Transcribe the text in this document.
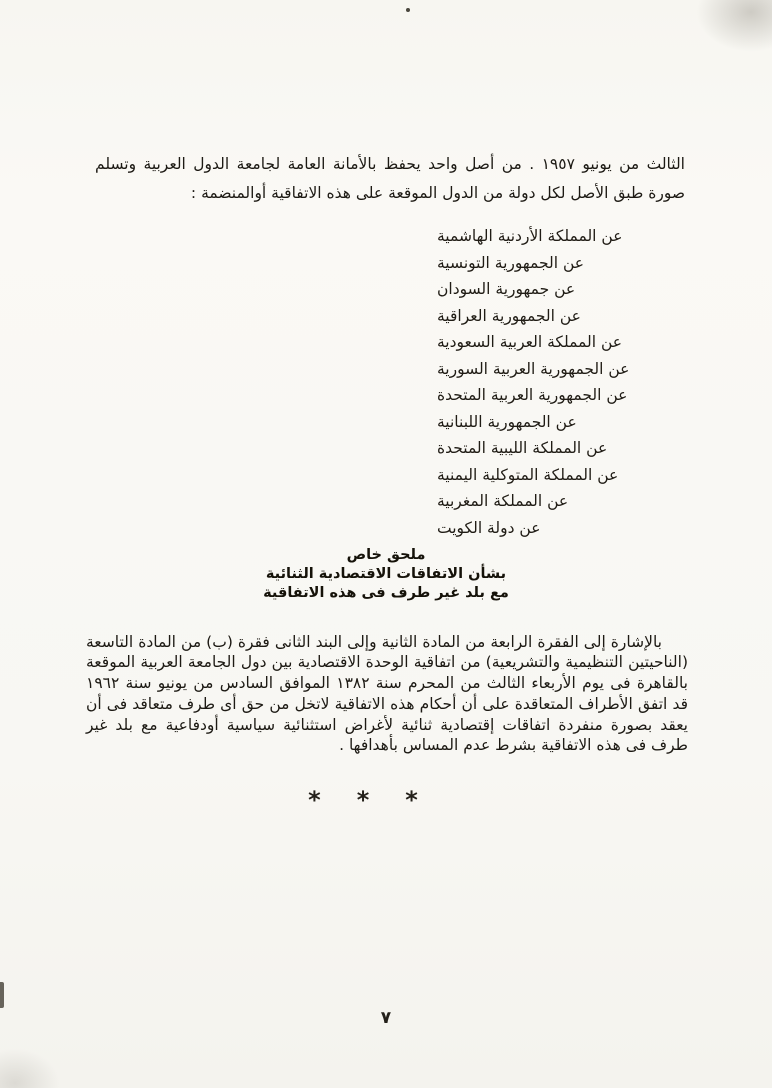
الثالث من يونيو ١٩٥٧ . من أصل واحد يحفظ بالأمانة العامة لجامعة الدول العربية وتسلم صورة طبق الأصل لكل دولة من الدول الموقعة على هذه الاتفاقية أوالمنضمة :

عن المملكة الأردنية الهاشمية
عن الجمهورية التونسية
عن جمهورية السودان
عن الجمهورية العراقية
عن المملكة العربية السعودية
عن الجمهورية العربية السورية
عن الجمهورية العربية المتحدة
عن الجمهورية اللبنانية
عن المملكة الليبية المتحدة
عن المملكة المتوكلية اليمنية
عن المملكة المغربية
عن دولة الكويت
ملحق خاص
بشأن الاتفاقات الاقتصادية الثنائية
مع بلد غير طرف فى هذه الاتفاقية

بالإشارة إلى الفقرة الرابعة من المادة الثانية وإلى البند الثانى فقرة (ب) من المادة التاسعة (الناحيتين التنظيمية والتشريعية) من اتفاقية الوحدة الاقتصادية بين دول الجامعة العربية الموقعة بالقاهرة فى يوم الأربعاء الثالث من المحرم سنة ١٣٨٢ الموافق السادس من يونيو سنة ١٩٦٢ قد اتفق الأطراف المتعاقدة على أن أحكام هذه الاتفاقية لاتخل من حق أى طرف متعاقد فى أن يعقد بصورة منفردة اتفاقات إقتصادية ثنائية لأغراض استثنائية سياسية أودفاعية مع بلد غير طرف فى هذه الاتفاقية بشرط عدم المساس بأهدافها .

* * *
٧
